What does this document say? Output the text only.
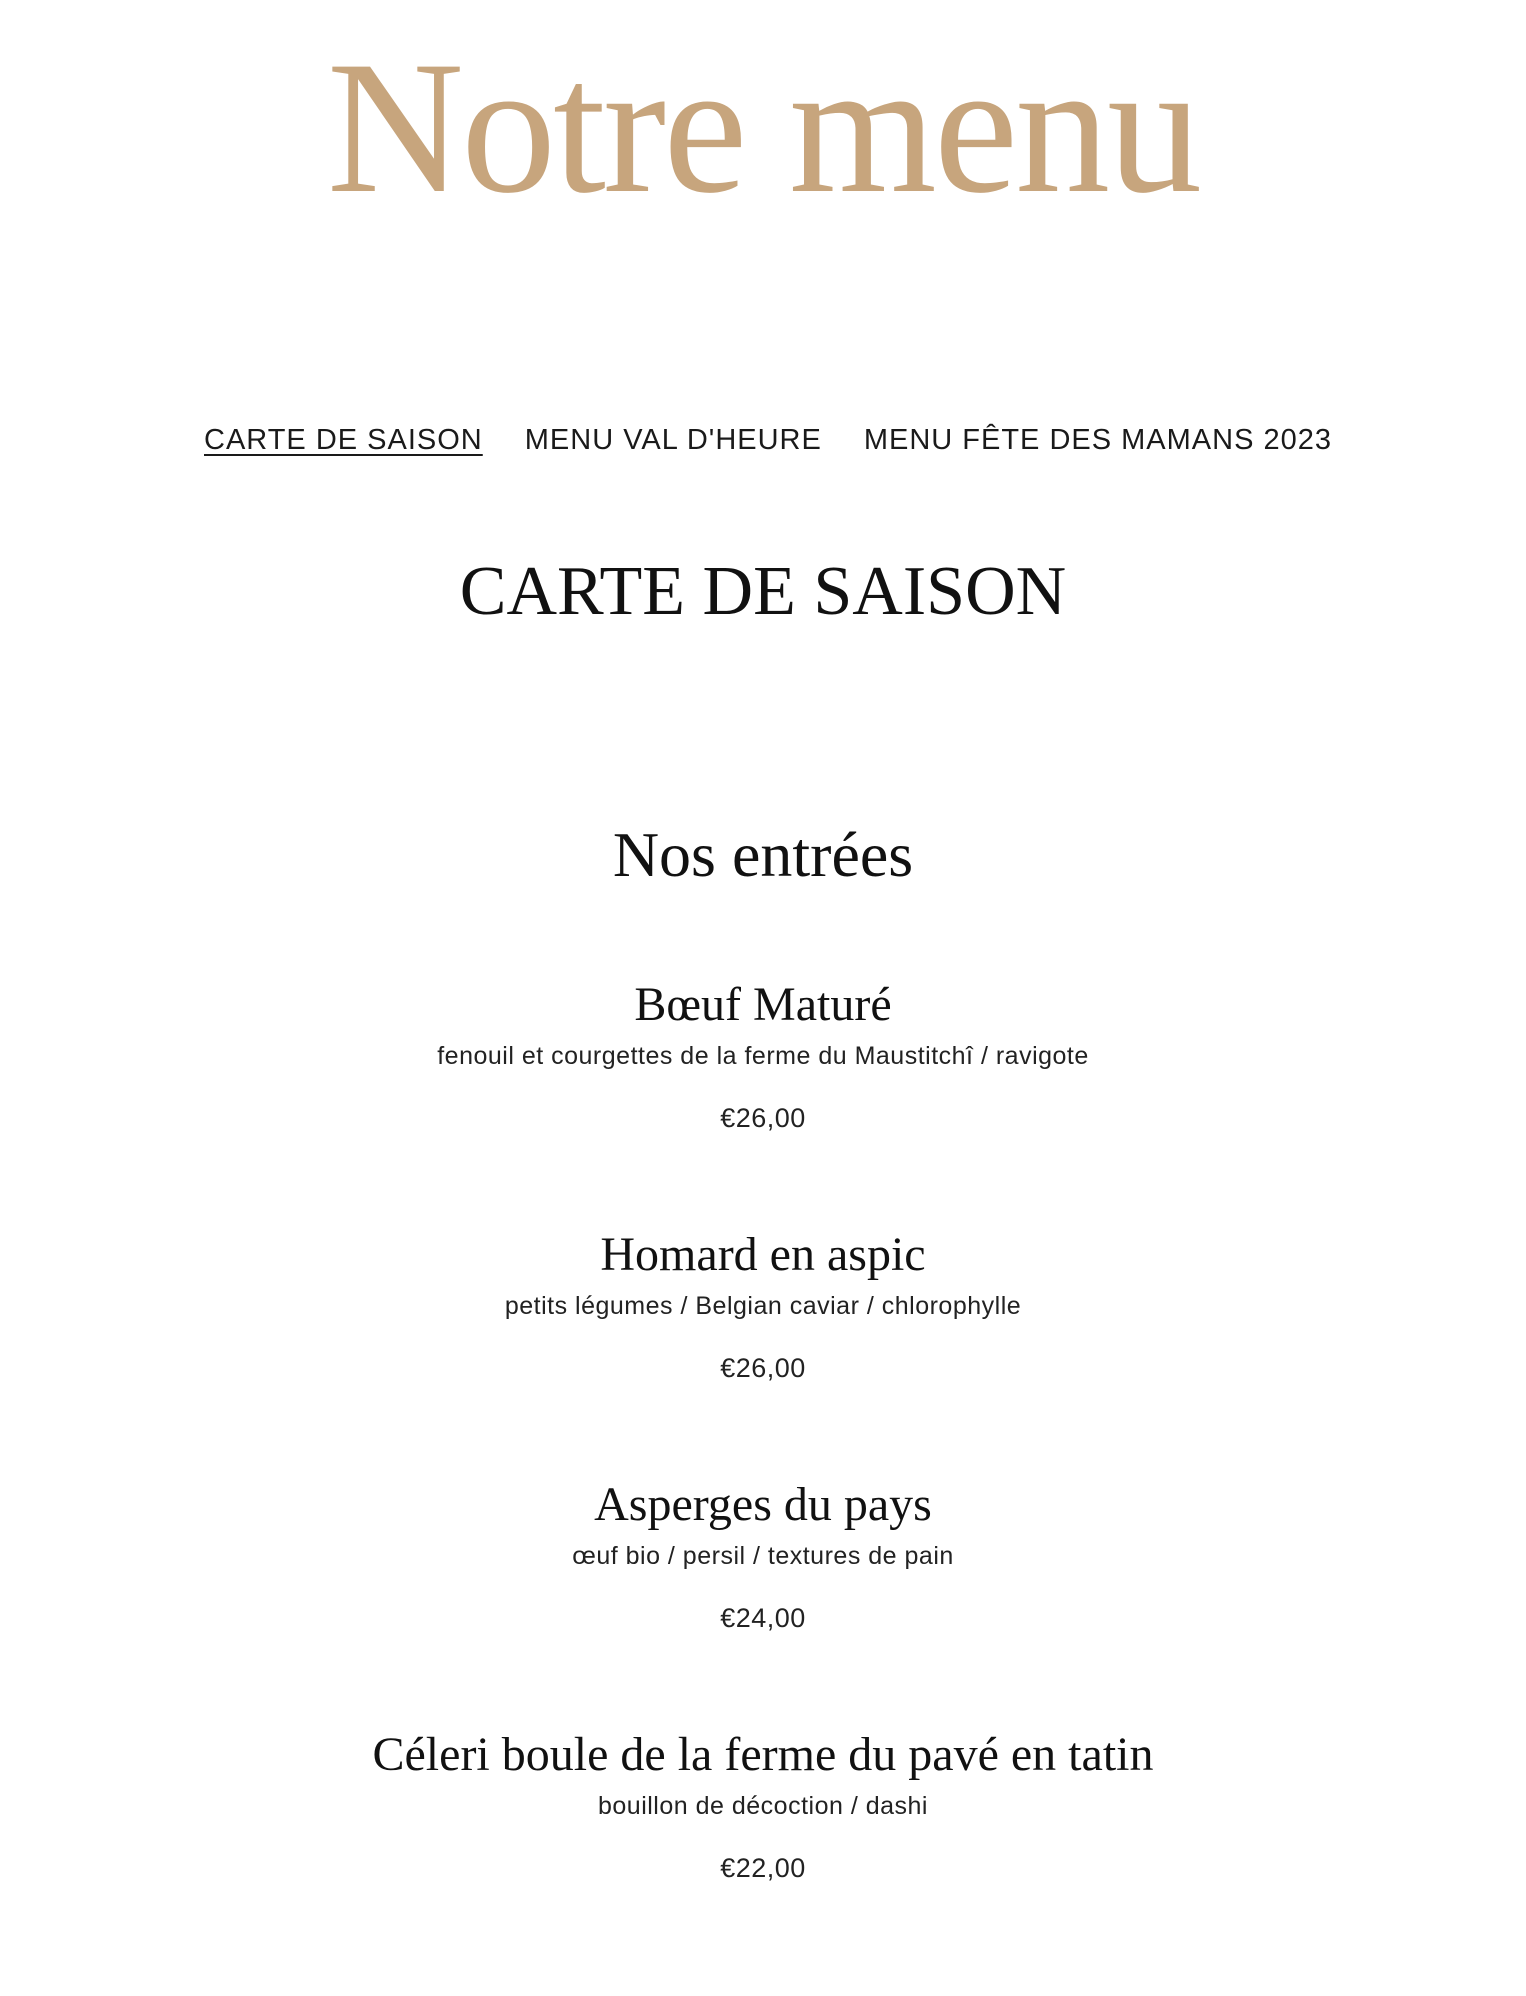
Notre menu
CARTE DE SAISON MENU VAL D'HEURE MENU FÊTE DES MAMANS 2023
CARTE DE SAISON
Nos entrées
Bœuf Maturé
fenouil et courgettes de la ferme du Maustitchî / ravigote
€26,00
Homard en aspic
petits légumes / Belgian caviar / chlorophylle
€26,00
Asperges du pays
œuf bio / persil / textures de pain
€24,00
Céleri boule de la ferme du pavé en tatin
bouillon de décoction / dashi
€22,00
